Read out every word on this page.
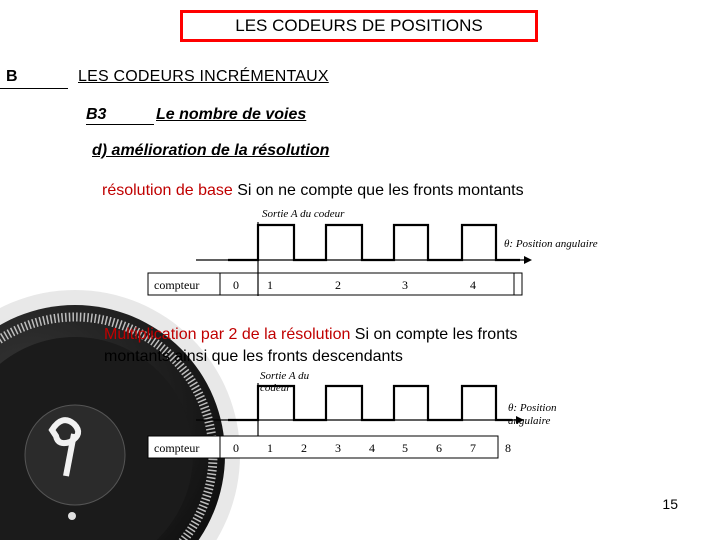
LES CODEURS DE POSITIONS
B	LES CODEURS INCRÉMENTAUX
B3	Le nombre de voies
d) amélioration de la résolution
résolution de base Si on ne compte que les fronts montants
Sortie A du codeur
θ: Position angulaire
compteur	0 1	2	3	4
Multiplication par 2 de la résolution Si on compte les fronts montants ainsi que les fronts descendants
Sortie A du codeur
θ: Position angulaire
compteur	0 1 2 3 4 5 6 7 8
15
